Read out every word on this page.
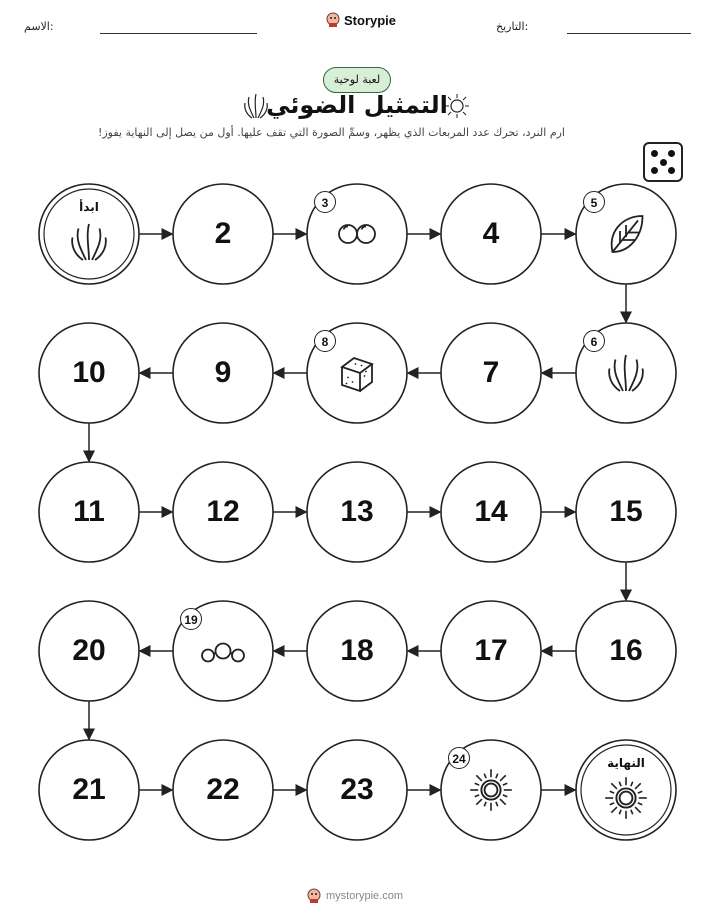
الاسم:	Storypie	التاريخ:
لعبة لوحية
التمثيل الضوئي
ارم النرد، تحرك عدد المربعات الذي يظهر، وسمِّ الصورة التي تقف عليها. أول من يصل إلى النهاية يفوز!
ابدأ
2
3
4
5
6
7
8
9
10
11	12	13	14	15
16
17
18
19
20
21	22	23
24	النهاية
mystorypie.com
